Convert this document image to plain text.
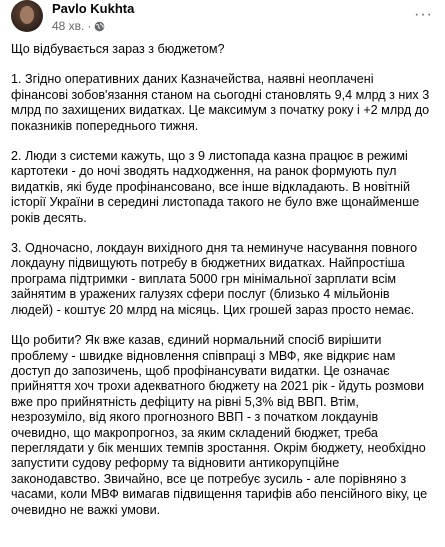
Pavlo Kukhta
48 хв. ·
···

Що відбувається зараз з бюджетом?

1. Згідно оперативних даних Казначейства, наявні неоплачені фінансові зобов'язання станом на сьогодні становлять 9,4 млрд з них 3 млрд по захищених видатках. Це максимум з початку року і +2 млрд до показників попереднього тижня.

2. Люди з системи кажуть, що з 9 листопада казна працює в режимі картотеки - до ночі зводять надходження, на ранок формують пул видатків, які буде профінансовано, все інше відкладають. В новітній історії України в середині листопада такого не було вже щонайменше років десять.

3. Одночасно, локдаун вихідного дня та неминуче насування повного локдауну підвищують потребу в бюджетних видатках. Найпростіша програма підтримки - виплата 5000 грн мінімальної зарплати всім зайнятим в уражених галузях сфери послуг (близько 4 мільйонів людей) - коштує 20 млрд на місяць. Цих грошей зараз просто немає.

Що робити? Як вже казав, єдиний нормальний спосіб вирішити проблему - швидке відновлення співпраці з МВФ, яке відкриє нам доступ до запозичень, щоб профінансувати видатки. Це означає прийняття хоч трохи адекватного бюджету на 2021 рік - йдуть розмови вже про прийнятність дефіциту на рівні 5,3% від ВВП. Втім, незрозуміло, від якого прогнозного ВВП - з початком локдаунів очевидно, що макропрогноз, за яким складений бюджет, треба переглядати у бік менших темпів зростання. Окрім бюджету, необхідно запустити судову реформу та відновити антикорупційне законодавство. Звичайно, все це потребує зусиль - але порівняно з часами, коли МВФ вимагав підвищення тарифів або пенсійного віку, це очевидно не важкі умови.
